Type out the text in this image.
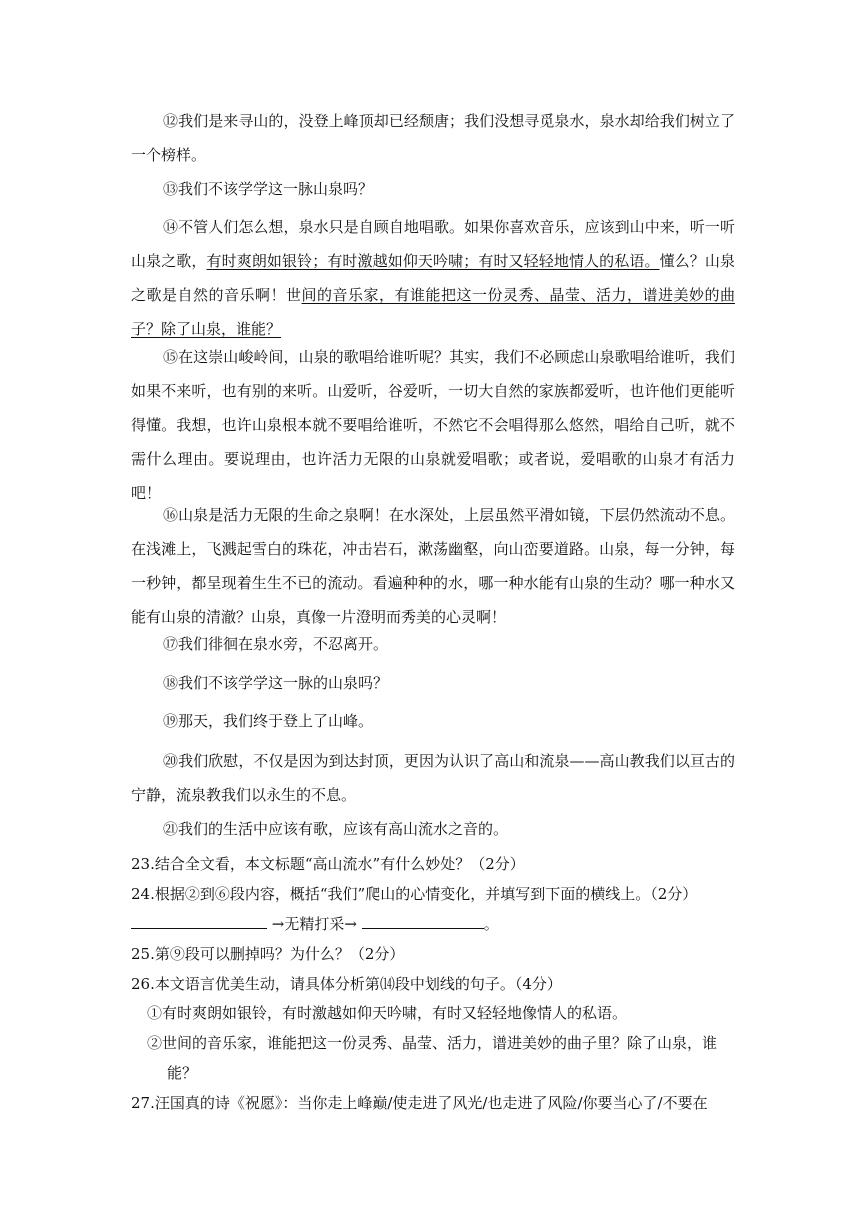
⑫我们是来寻山的，没登上峰顶却已经颓唐；我们没想寻觅泉水，泉水却给我们树立了一个榜样。

⑬我们不该学学这一脉山泉吗？

⑭不管人们怎么想，泉水只是自顾自地唱歌。如果你喜欢音乐，应该到山中来，听一听山泉之歌，有时爽朗如银铃；有时激越如仰天吟啸；有时又轻轻地情人的私语。懂么？山泉之歌是自然的音乐啊！世间的音乐家，有谁能把这一份灵秀、晶莹、活力，谱进美妙的曲子？除了山泉，谁能？

⑮在这崇山峻岭间，山泉的歌唱给谁听呢？其实，我们不必顾虑山泉歌唱给谁听，我们如果不来听，也有别的来听。山爱听，谷爱听，一切大自然的家族都爱听，也许他们更能听得懂。我想，也许山泉根本就不要唱给谁听，不然它不会唱得那么悠然，唱给自己听，就不需什么理由。要说理由，也许活力无限的山泉就爱唱歌；或者说，爱唱歌的山泉才有活力吧！

⑯山泉是活力无限的生命之泉啊！在水深处，上层虽然平滑如镜，下层仍然流动不息。在浅滩上，飞溅起雪白的珠花，冲击岩石，漱荡幽壑，向山峦要道路。山泉，每一分钟，每一秒钟，都呈现着生生不已的流动。看遍种种的水，哪一种水能有山泉的生动？哪一种水又能有山泉的清澈？山泉，真像一片澄明而秀美的心灵啊！

⑰我们徘徊在泉水旁，不忍离开。

⑱我们不该学学这一脉的山泉吗？

⑲那天，我们终于登上了山峰。

⑳我们欣慰，不仅是因为到达封顶，更因为认识了高山和流泉——高山教我们以亘古的宁静，流泉教我们以永生的不息。

㉑我们的生活中应该有歌，应该有高山流水之音的。

23.结合全文看，本文标题“高山流水”有什么妙处？（2分）

24.根据②到⑥段内容，概括“我们”爬山的心情变化，并填写到下面的横线上。（2分）

→无精打采→	。

25.第⑨段可以删掉吗？为什么？（2分）

26.本文语言优美生动，请具体分析第⒁段中划线的句子。（4分）

①有时爽朗如银铃，有时激越如仰天吟啸，有时又轻轻地像情人的私语。

②世间的音乐家，谁能把这一份灵秀、晶莹、活力，谱进美妙的曲子里？除了山泉，谁
能？

27.汪国真的诗《祝愿》：当你走上峰巅/使走进了风光/也走进了风险/你要当心了/不要在
